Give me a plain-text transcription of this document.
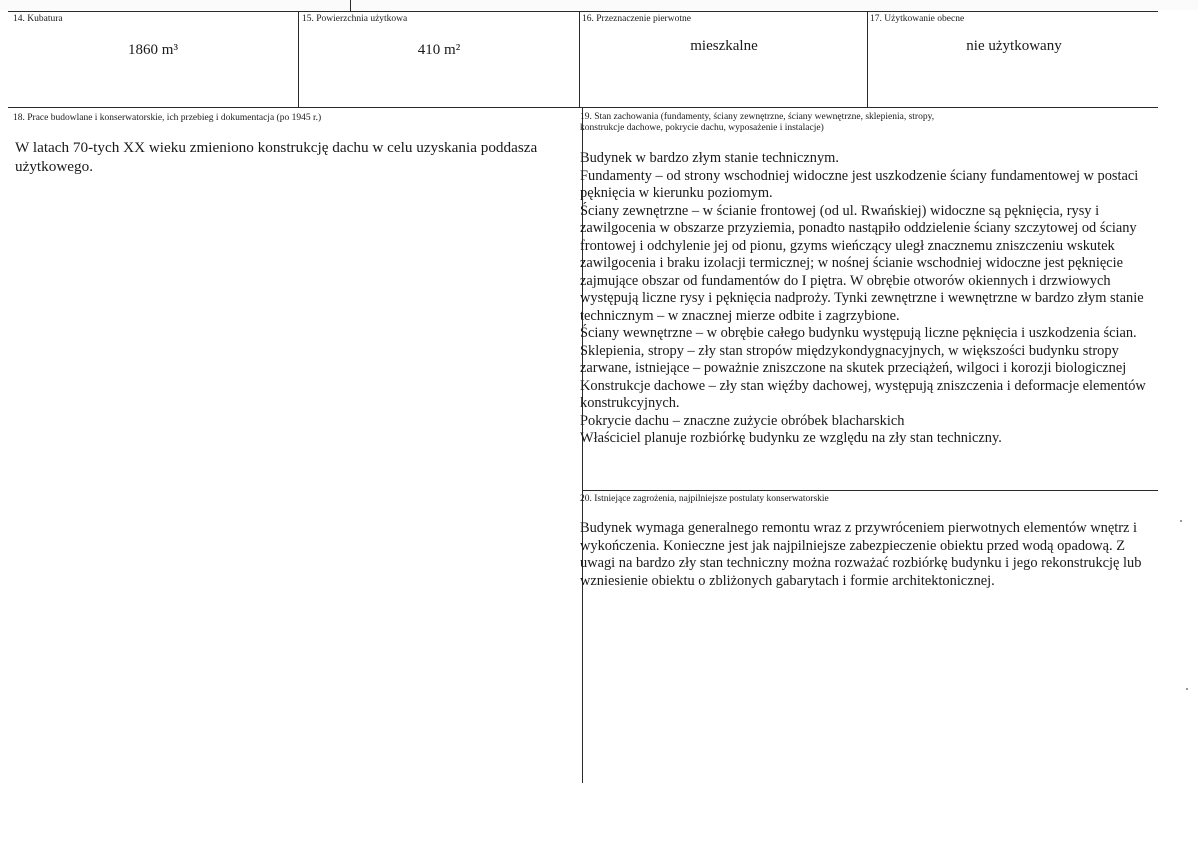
14. Kubatura
1860 m³
15. Powierzchnia użytkowa
410 m²
16. Przeznaczenie pierwotne
mieszkalne
17. Użytkowanie obecne
nie użytkowany
18. Prace budowlane i konserwatorskie, ich przebieg i dokumentacja (po 1945 r.)
W latach 70-tych XX wieku zmieniono konstrukcję dachu w celu uzyskania poddasza użytkowego.
19. Stan zachowania (fundamenty, ściany zewnętrzne, ściany wewnętrzne, sklepienia, stropy,
konstrukcje dachowe, pokrycie dachu, wyposażenie i instalacje)

Budynek w bardzo złym stanie technicznym.

Fundamenty – od strony wschodniej widoczne jest uszkodzenie ściany fundamentowej w postaci pęknięcia w kierunku poziomym.

Ściany zewnętrzne – w ścianie frontowej (od ul. Rwańskiej) widoczne są pęknięcia, rysy i zawilgocenia w obszarze przyziemia, ponadto nastąpiło oddzielenie ściany szczytowej od ściany frontowej i odchylenie jej od pionu, gzyms wieńczący uległ znacznemu zniszczeniu wskutek zawilgocenia i braku izolacji termicznej; w nośnej ścianie wschodniej widoczne jest pęknięcie zajmujące obszar od fundamentów do I piętra. W obrębie otworów okiennych i drzwiowych występują liczne rysy i pęknięcia nadproży. Tynki zewnętrzne i wewnętrzne w bardzo złym stanie technicznym – w znacznej mierze odbite i zagrzybione.

Ściany wewnętrzne – w obrębie całego budynku występują liczne pęknięcia i uszkodzenia ścian.

Sklepienia, stropy – zły stan stropów międzykondygnacyjnych, w większości budynku stropy zarwane, istniejące – poważnie zniszczone na skutek przeciążeń, wilgoci i korozji biologicznej

Konstrukcje dachowe – zły stan więźby dachowej, występują zniszczenia i deformacje elementów konstrukcyjnych.

Pokrycie dachu – znaczne zużycie obróbek blacharskich

Właściciel planuje rozbiórkę budynku ze względu na zły stan techniczny.

20. Istniejące zagrożenia, najpilniejsze postulaty konserwatorskie
Budynek wymaga generalnego remontu wraz z przywróceniem pierwotnych elementów wnętrz i wykończenia. Konieczne jest jak najpilniejsze zabezpieczenie obiektu przed wodą opadową. Z uwagi na bardzo zły stan techniczny można rozważać rozbiórkę budynku i jego rekonstrukcję lub wzniesienie obiektu o zbliżonych gabarytach i formie architektonicznej.
